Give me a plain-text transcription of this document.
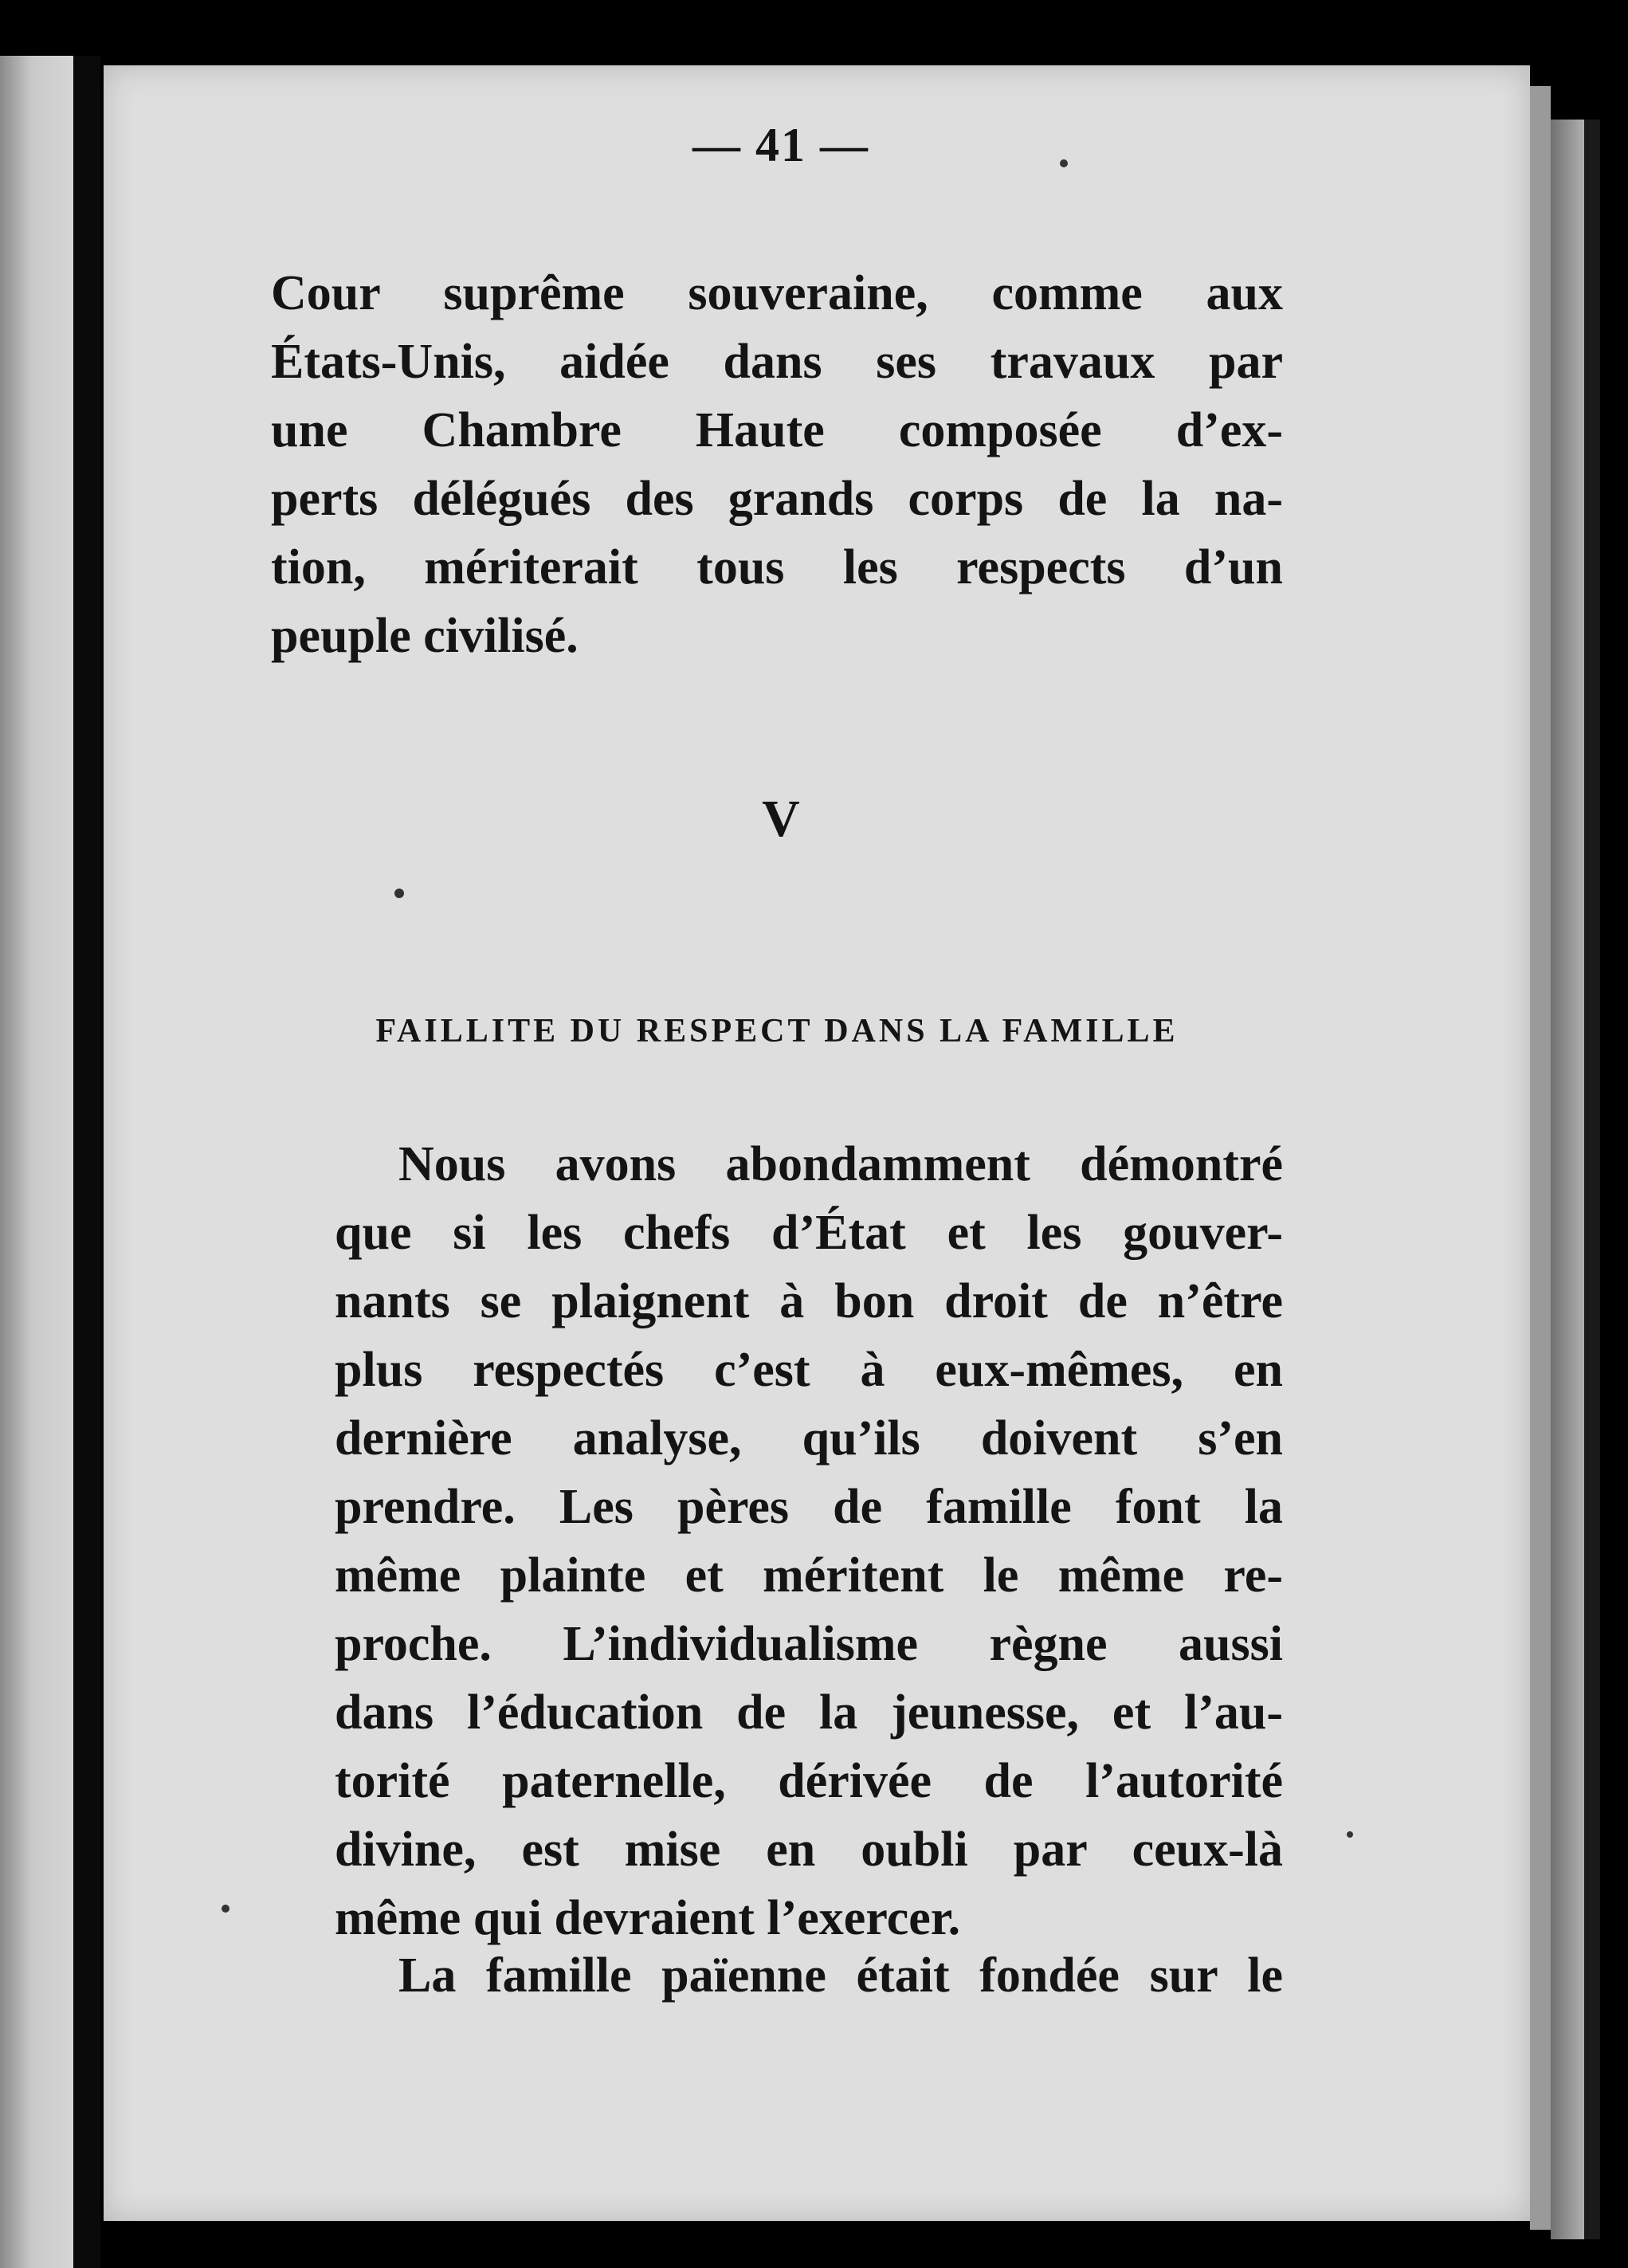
— 41 —
Cour suprême souveraine, comme aux
États-Unis, aidée dans ses travaux par
une Chambre Haute composée d’ex-
perts délégués des grands corps de la na-
tion, mériterait tous les respects d’un
peuple civilisé.
V
FAILLITE DU RESPECT DANS LA FAMILLE
Nous avons abondamment démontré
que si les chefs d’État et les gouver-
nants se plaignent à bon droit de n’être
plus respectés c’est à eux-mêmes, en
dernière analyse, qu’ils doivent s’en
prendre. Les pères de famille font la
même plainte et méritent le même re-
proche. L’individualisme règne aussi
dans l’éducation de la jeunesse, et l’au-
torité paternelle, dérivée de l’autorité
divine, est mise en oubli par ceux-là
même qui devraient l’exercer.
La famille païenne était fondée sur le
